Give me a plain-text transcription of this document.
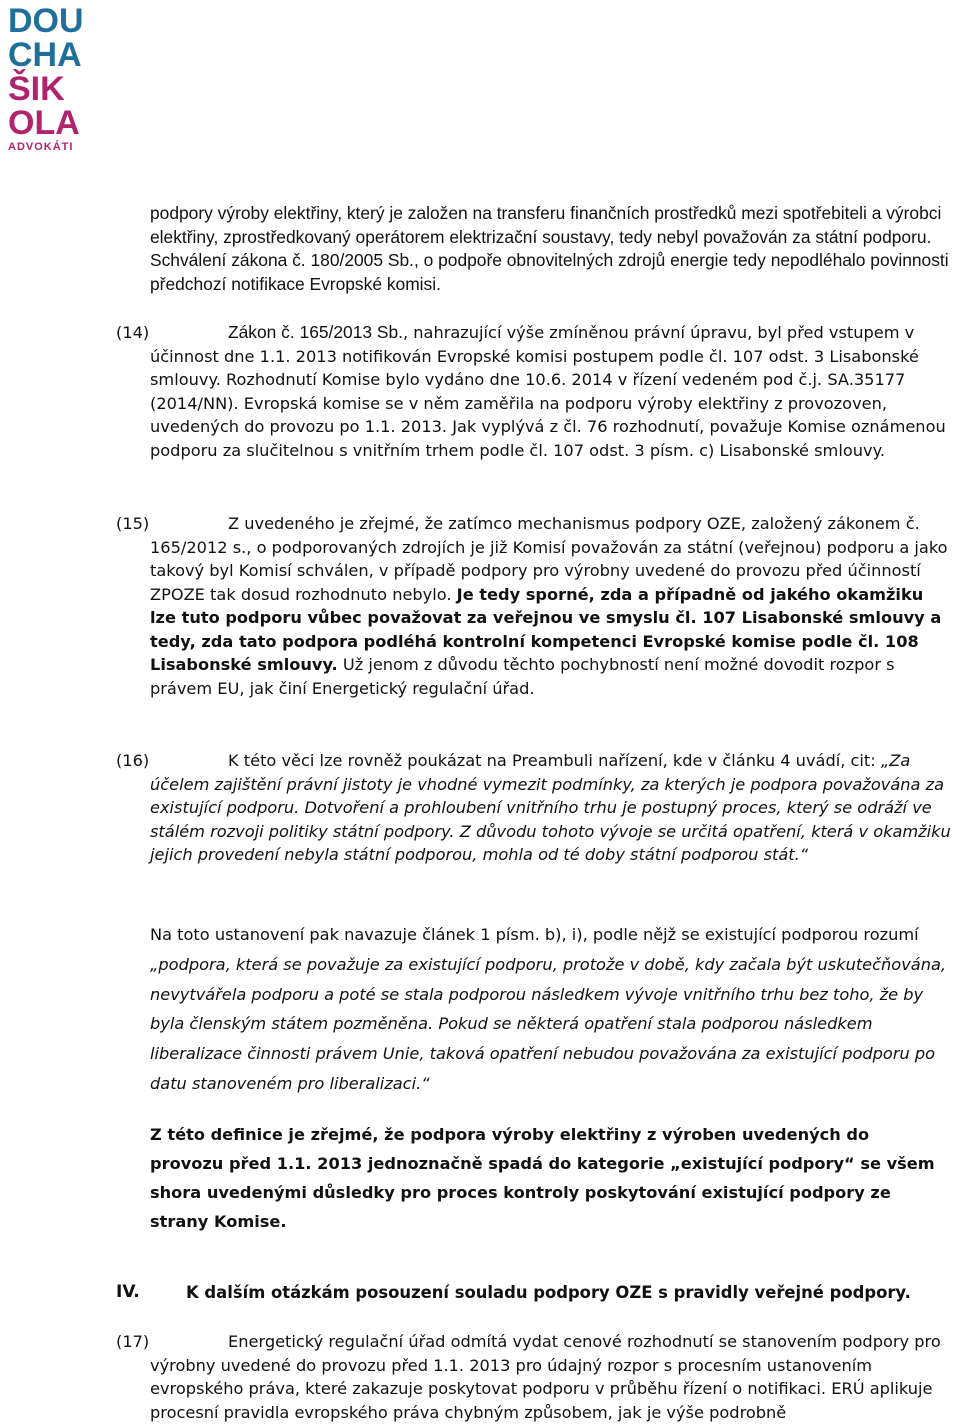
DOU
CHA
ŠIK
OLA
ADVOKÁTI

podpory výroby elektřiny, který je založen na transferu finančních prostředků mezi spotřebiteli a výrobci elektřiny, zprostředkovaný operátorem elektrizační soustavy, tedy nebyl považován za státní podporu. Schválení zákona č. 180/2005 Sb., o podpoře obnovitelných zdrojů energie tedy nepodléhalo povinnosti předchozí notifikace Evropské komisi.

(14)	Zákon č. 165/2013 Sb., nahrazující výše zmíněnou právní úpravu, byl před vstupem v účinnost dne 1.1. 2013 notifikován Evropské komisi postupem podle čl. 107 odst. 3 Lisabonské smlouvy. Rozhodnutí Komise bylo vydáno dne 10.6. 2014 v řízení vedeném pod č.j. SA.35177 (2014/NN). Evropská komise se v něm zaměřila na podporu výroby elektřiny z provozoven, uvedených do provozu po 1.1. 2013. Jak vyplývá z čl. 76 rozhodnutí, považuje Komise oznámenou podporu za slučitelnou s vnitřním trhem podle čl. 107 odst. 3 písm. c) Lisabonské smlouvy.

(15)	Z uvedeného je zřejmé, že zatímco mechanismus podpory OZE, založený zákonem č. 165/2012 s., o podporovaných zdrojích je již Komisí považován za státní (veřejnou) podporu a jako takový byl Komisí schválen, v případě podpory pro výrobny uvedené do provozu před účinností ZPOZE tak dosud rozhodnuto nebylo. Je tedy sporné, zda a případně od jakého okamžiku lze tuto podporu vůbec považovat za veřejnou ve smyslu čl. 107 Lisabonské smlouvy a tedy, zda tato podpora podléhá kontrolní kompetenci Evropské komise podle čl. 108 Lisabonské smlouvy. Už jenom z důvodu těchto pochybností není možné dovodit rozpor s právem EU, jak činí Energetický regulační úřad.

(16)	K této věci lze rovněž poukázat na Preambuli nařízení, kde v článku 4 uvádí, cit: „Za účelem zajištění právní jistoty je vhodné vymezit podmínky, za kterých je podpora považována za existující podporu. Dotvoření a prohloubení vnitřního trhu je postupný proces, který se odráží ve stálém rozvoji politiky státní podpory. Z důvodu tohoto vývoje se určitá opatření, která v okamžiku jejich provedení nebyla státní podporou, mohla od té doby státní podporou stát.“

Na toto ustanovení pak navazuje článek 1 písm. b), i), podle nějž se existující podporou rozumí „podpora, která se považuje za existující podporu, protože v době, kdy začala být uskutečňována, nevytvářela podporu a poté se stala podporou následkem vývoje vnitřního trhu bez toho, že by byla členským státem pozměněna. Pokud se některá opatření stala podporou následkem liberalizace činnosti právem Unie, taková opatření nebudou považována za existující podporu po datu stanoveném pro liberalizaci.“

Z této definice je zřejmé, že podpora výroby elektřiny z výroben uvedených do provozu před 1.1. 2013 jednoznačně spadá do kategorie „existující podpory“ se všem shora uvedenými důsledky pro proces kontroly poskytování existující podpory ze strany Komise.

IV.	K dalším otázkám posouzení souladu podpory OZE s pravidly veřejné podpory.

(17)	Energetický regulační úřad odmítá vydat cenové rozhodnutí se stanovením podpory pro výrobny uvedené do provozu před 1.1. 2013 pro údajný rozpor s procesním ustanovením evropského práva, které zakazuje poskytovat podporu v průběhu řízení o notifikaci. ERÚ aplikuje procesní pravidla evropského práva chybným způsobem, jak je výše podrobně
